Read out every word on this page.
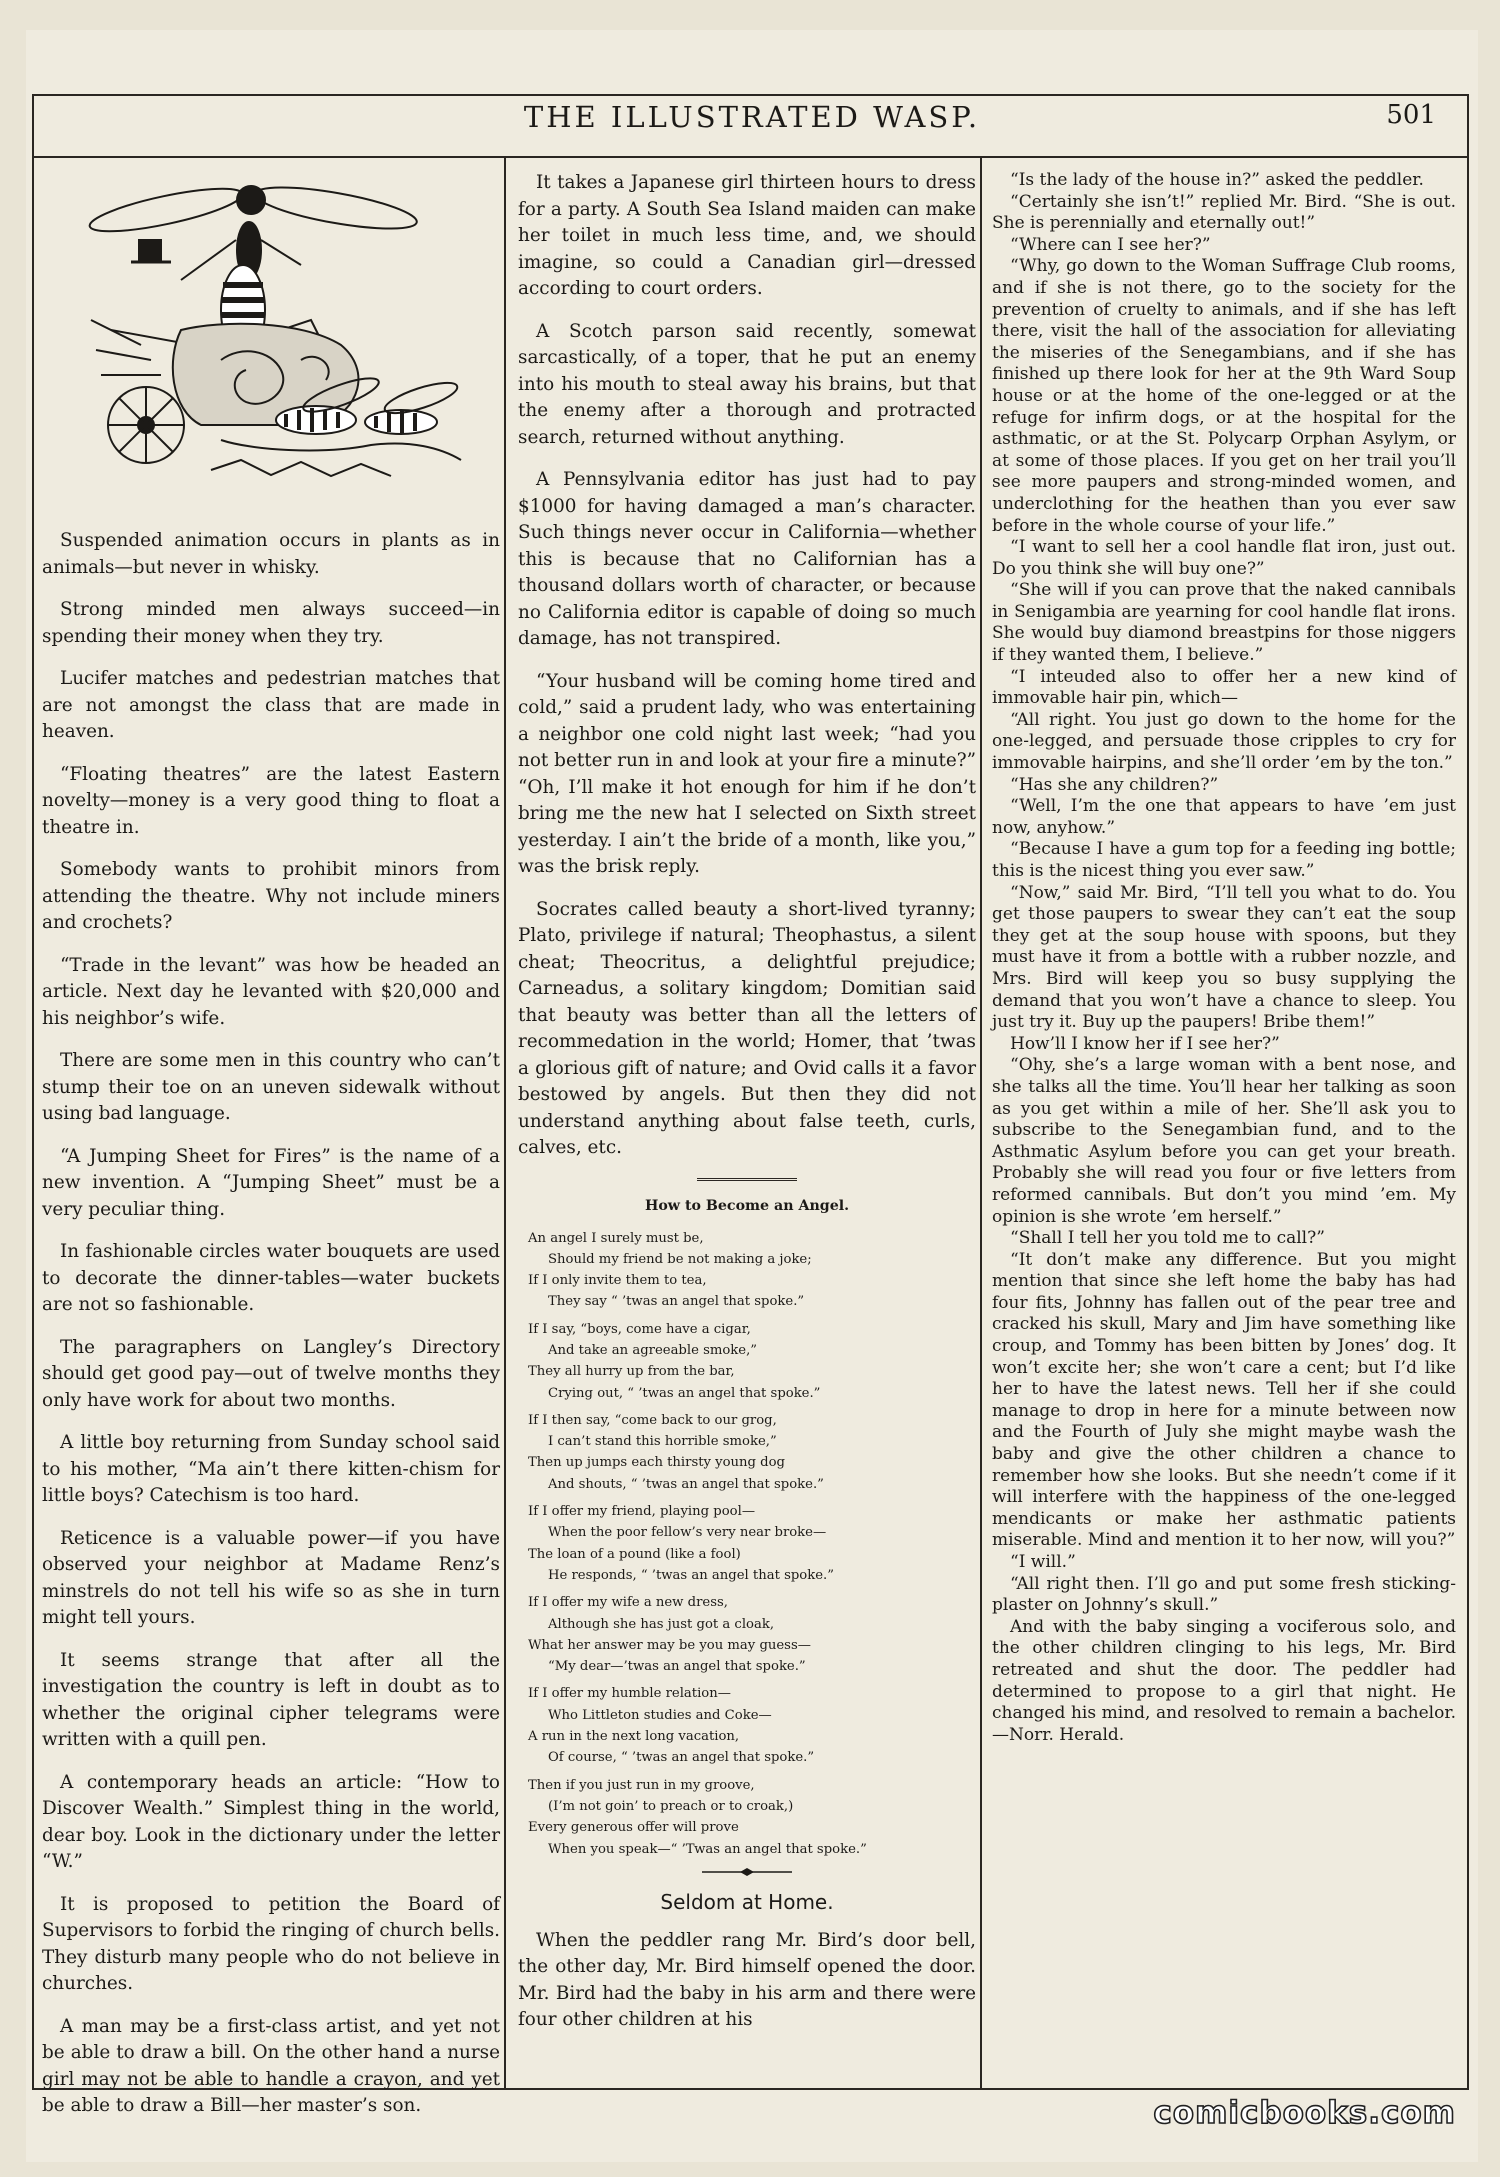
THE ILLUSTRATED WASP.	501

Suspended animation occurs in plants as in animals—but never in whisky.

Strong minded men always succeed—in spending their money when they try.

Lucifer matches and pedestrian matches that are not amongst the class that are made in heaven.

“Floating theatres” are the latest Eastern novelty—money is a very good thing to float a theatre in.

Somebody wants to prohibit minors from attending the theatre. Why not include miners and crochets?

“Trade in the levant” was how be headed an article. Next day he levanted with $20,000 and his neighbor’s wife.

There are some men in this country who can’t stump their toe on an uneven sidewalk without using bad language.

“A Jumping Sheet for Fires” is the name of a new invention. A “Jumping Sheet” must be a very peculiar thing.

In fashionable circles water bouquets are used to decorate the dinner-tables—water buckets are not so fashionable.

The paragraphers on Langley’s Directory should get good pay—out of twelve months they only have work for about two months.

A little boy returning from Sunday school said to his mother, “Ma ain’t there kitten-chism for little boys? Catechism is too hard.

Reticence is a valuable power—if you have observed your neighbor at Madame Renz’s minstrels do not tell his wife so as she in turn might tell yours.

It seems strange that after all the investigation the country is left in doubt as to whether the original cipher telegrams were written with a quill pen.

A contemporary heads an article: “How to Discover Wealth.” Simplest thing in the world, dear boy. Look in the dictionary under the letter “W.”

It is proposed to petition the Board of Supervisors to forbid the ringing of church bells. They disturb many people who do not believe in churches.

A man may be a first-class artist, and yet not be able to draw a bill. On the other hand a nurse girl may not be able to handle a crayon, and yet be able to draw a Bill—her master’s son.

It takes a Japanese girl thirteen hours to dress for a party. A South Sea Island maiden can make her toilet in much less time, and, we should imagine, so could a Canadian girl—dressed according to court orders.

A Scotch parson said recently, somewat sarcastically, of a toper, that he put an enemy into his mouth to steal away his brains, but that the enemy after a thorough and protracted search, returned without anything.

A Pennsylvania editor has just had to pay $1000 for having damaged a man’s character. Such things never occur in California—whether this is because that no Californian has a thousand dollars worth of character, or because no California editor is capable of doing so much damage, has not transpired.

“Your husband will be coming home tired and cold,” said a prudent lady, who was entertaining a neighbor one cold night last week; “had you not better run in and look at your fire a minute?” “Oh, I’ll make it hot enough for him if he don’t bring me the new hat I selected on Sixth street yesterday. I ain’t the bride of a month, like you,” was the brisk reply.

Socrates called beauty a short-lived tyranny; Plato, privilege if natural; Theophastus, a silent cheat; Theocritus, a delightful prejudice; Carneadus, a solitary kingdom; Domitian said that beauty was better than all the letters of recommedation in the world; Homer, that ’twas a glorious gift of nature; and Ovid calls it a favor bestowed by angels. But then they did not understand anything about false teeth, curls, calves, etc.

How to Become an Angel.

An angel I surely must be,

Should my friend be not making a joke;

If I only invite them to tea,

They say “ ’twas an angel that spoke.”

If I say, “boys, come have a cigar,

And take an agreeable smoke,”

They all hurry up from the bar,

Crying out, “ ’twas an angel that spoke.”

If I then say, “come back to our grog,

I can’t stand this horrible smoke,”

Then up jumps each thirsty young dog

And shouts, “ ’twas an angel that spoke.”

If I offer my friend, playing pool—

When the poor fellow’s very near broke—

The loan of a pound (like a fool)

He responds, “ ’twas an angel that spoke.”

If I offer my wife a new dress,

Although she has just got a cloak,

What her answer may be you may guess—

“My dear—’twas an angel that spoke.”

If I offer my humble relation—

Who Littleton studies and Coke—

A run in the next long vacation,

Of course, “ ’twas an angel that spoke.”

Then if you just run in my groove,

(I’m not goin’ to preach or to croak,)

Every generous offer will prove

When you speak—“ ’Twas an angel that spoke.”

Seldom at Home.

When the peddler rang Mr. Bird’s door bell, the other day, Mr. Bird himself opened the door. Mr. Bird had the baby in his arm and there were four other children at his

“Is the lady of the house in?” asked the peddler.

“Certainly she isn’t!” replied Mr. Bird. “She is out. She is perennially and eternally out!”

“Where can I see her?”

“Why, go down to the Woman Suffrage Club rooms, and if she is not there, go to the society for the prevention of cruelty to animals, and if she has left there, visit the hall of the association for alleviating the miseries of the Senegambians, and if she has finished up there look for her at the 9th Ward Soup house or at the home of the one-legged or at the refuge for infirm dogs, or at the hospital for the asthmatic, or at the St. Polycarp Orphan Asylym, or at some of those places. If you get on her trail you’ll see more paupers and strong-minded women, and underclothing for the heathen than you ever saw before in the whole course of your life.”

“I want to sell her a cool handle flat iron, just out. Do you think she will buy one?”

“She will if you can prove that the naked cannibals in Senigambia are yearning for cool handle flat irons. She would buy diamond breastpins for those niggers if they wanted them, I believe.”

“I inteuded also to offer her a new kind of immovable hair pin, which—

“All right. You just go down to the home for the one-legged, and persuade those cripples to cry for immovable hairpins, and she’ll order ’em by the ton.”

“Has she any children?”

“Well, I’m the one that appears to have ’em just now, anyhow.”

“Because I have a gum top for a feeding ing bottle; this is the nicest thing you ever saw.”

“Now,” said Mr. Bird, “I’ll tell you what to do. You get those paupers to swear they can’t eat the soup they get at the soup house with spoons, but they must have it from a bottle with a rubber nozzle, and Mrs. Bird will keep you so busy supplying the demand that you won’t have a chance to sleep. You just try it. Buy up the paupers! Bribe them!”

How’ll I know her if I see her?”

“Ohy, she’s a large woman with a bent nose, and she talks all the time. You’ll hear her talking as soon as you get within a mile of her. She’ll ask you to subscribe to the Senegambian fund, and to the Asthmatic Asylum before you can get your breath. Probably she will read you four or five letters from reformed cannibals. But don’t you mind ’em. My opinion is she wrote ’em herself.”

“Shall I tell her you told me to call?”

“It don’t make any difference. But you might mention that since she left home the baby has had four fits, Johnny has fallen out of the pear tree and cracked his skull, Mary and Jim have something like croup, and Tommy has been bitten by Jones’ dog. It won’t excite her; she won’t care a cent; but I’d like her to have the latest news. Tell her if she could manage to drop in here for a minute between now and the Fourth of July she might maybe wash the baby and give the other children a chance to remember how she looks. But she needn’t come if it will interfere with the happiness of the one-legged mendicants or make her asthmatic patients miserable. Mind and mention it to her now, will you?”

“I will.”

“All right then. I’ll go and put some fresh sticking-plaster on Johnny’s skull.”

And with the baby singing a vociferous solo, and the other children clinging to his legs, Mr. Bird retreated and shut the door. The peddler had determined to propose to a girl that night. He changed his mind, and resolved to remain a bachelor.—Norr. Herald.

comicbooks.com
